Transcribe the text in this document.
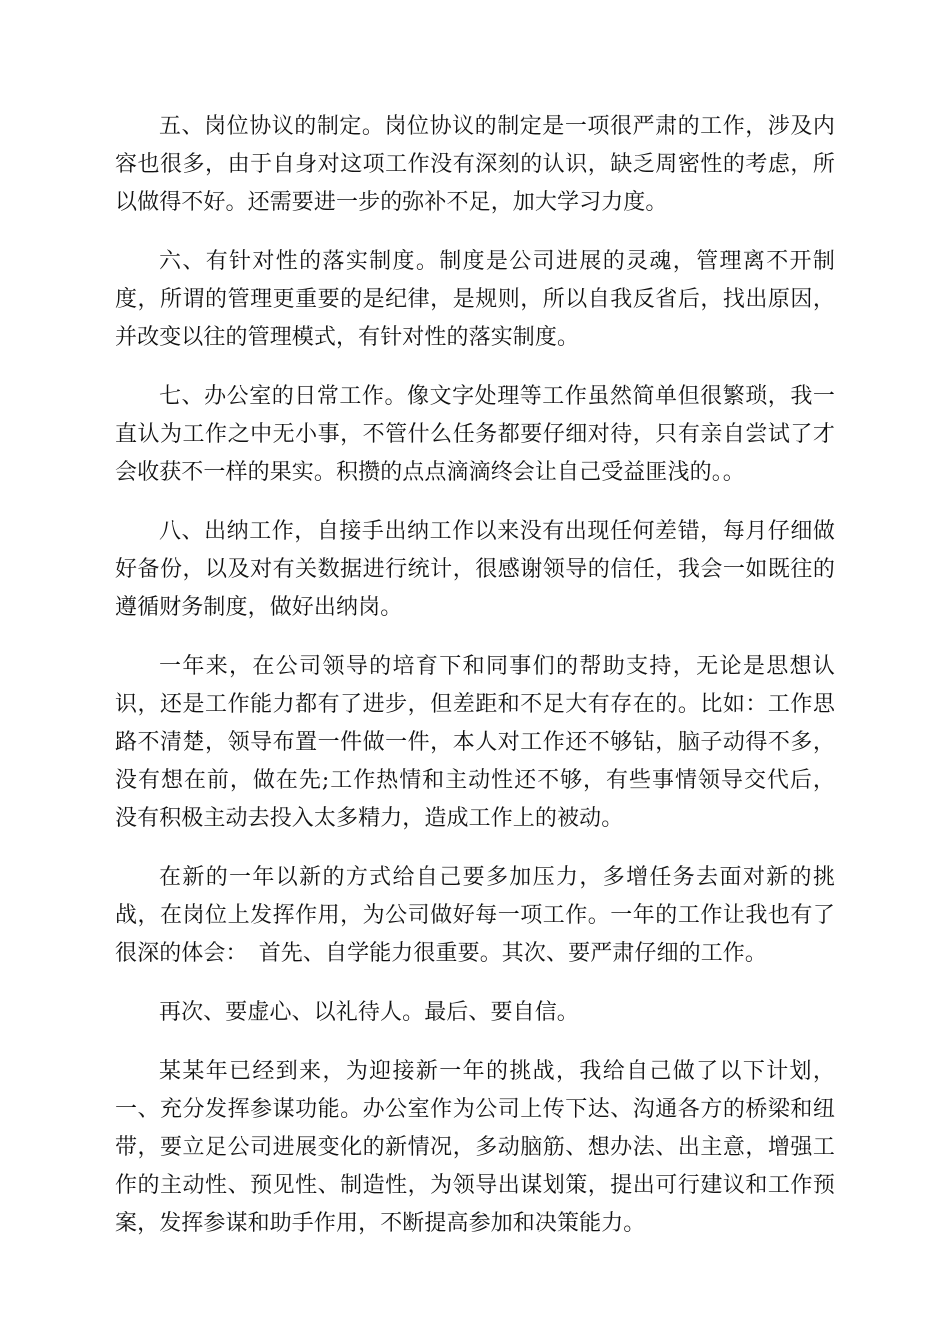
五、岗位协议的制定。岗位协议的制定是一项很严肃的工作，涉及内

容也很多，由于自身对这项工作没有深刻的认识，缺乏周密性的考虑，所

以做得不好。还需要进一步的弥补不足，加大学习力度。

六、有针对性的落实制度。制度是公司进展的灵魂，管理离不开制

度，所谓的管理更重要的是纪律，是规则，所以自我反省后，找出原因，

并改变以往的管理模式，有针对性的落实制度。

七、办公室的日常工作。像文字处理等工作虽然简单但很繁琐，我一

直认为工作之中无小事，不管什么任务都要仔细对待，只有亲自尝试了才

会收获不一样的果实。积攒的点点滴滴终会让自己受益匪浅的。。

八、出纳工作，自接手出纳工作以来没有出现任何差错，每月仔细做

好备份，以及对有关数据进行统计，很感谢领导的信任，我会一如既往的

遵循财务制度，做好出纳岗。

一年来，在公司领导的培育下和同事们的帮助支持，无论是思想认

识，还是工作能力都有了进步，但差距和不足大有存在的。比如：工作思

路不清楚，领导布置一件做一件，本人对工作还不够钻，脑子动得不多，

没有想在前，做在先;工作热情和主动性还不够，有些事情领导交代后，

没有积极主动去投入太多精力，造成工作上的被动。

在新的一年以新的方式给自己要多加压力，多增任务去面对新的挑

战，在岗位上发挥作用，为公司做好每一项工作。一年的工作让我也有了

很深的体会：　首先、自学能力很重要。其次、要严肃仔细的工作。

再次、要虚心、以礼待人。最后、要自信。

某某年已经到来，为迎接新一年的挑战，我给自己做了以下计划，

一、充分发挥参谋功能。办公室作为公司上传下达、沟通各方的桥梁和纽

带，要立足公司进展变化的新情况，多动脑筋、想办法、出主意，增强工

作的主动性、预见性、制造性，为领导出谋划策，提出可行建议和工作预

案，发挥参谋和助手作用，不断提高参加和决策能力。
